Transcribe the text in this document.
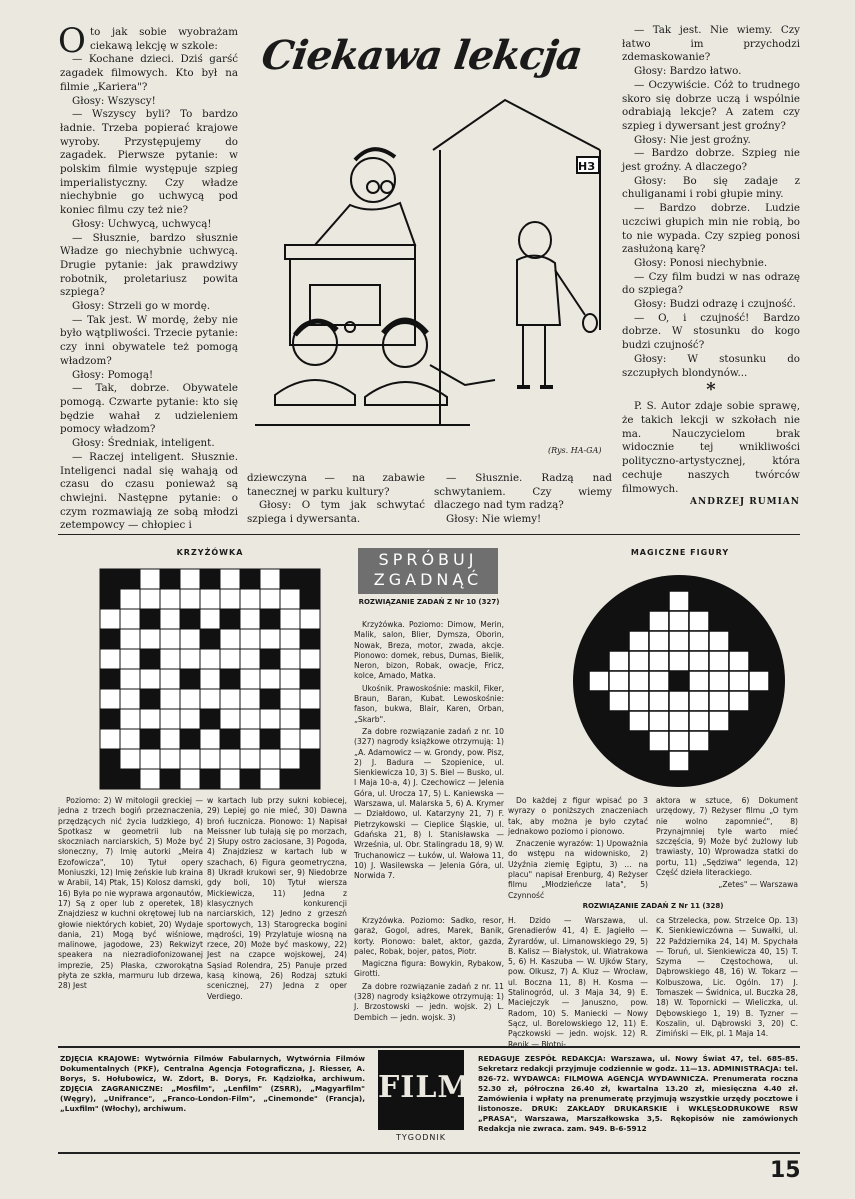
O to jak sobie wyobrażam ciekawą lekcję w szkole:

— Kochane dzieci. Dziś garść zagadek filmowych. Kto był na filmie „Kariera"?

Głosy: Wszyscy!

— Wszyscy byli? To bardzo ładnie. Trzeba popierać krajowe wyroby. Przystępujemy do zagadek. Pierwsze pytanie: w polskim filmie występuje szpieg imperialistyczny. Czy władze niechybnie go uchwycą pod koniec filmu czy też nie?

Głosy: Uchwycą, uchwycą!

— Słusznie, bardzo słusznie Władze go niechybnie uchwycą. Drugie pytanie: jak prawdziwy robotnik, proletariusz powita szpiega?

Głosy: Strzeli go w mordę.

— Tak jest. W mordę, żeby nie było wątpliwości. Trzecie pytanie: czy inni obywatele też pomogą władzom?

Głosy: Pomogą!

— Tak, dobrze. Obywatele pomogą. Czwarte pytanie: kto się będzie wahał z udzieleniem pomocy władzom?

Głosy: Średniak, inteligent.

— Raczej inteligent. Słusznie. Inteligenci nadal się wahają od czasu do czasu ponieważ są chwiejni. Następne pytanie: o czym rozmawiają ze sobą młodzi zetempowcy — chłopiec i

Ciekawa lekcja
НЗ
(Rys. HA-GA)

dziewczyna — na zabawie tanecznej w parku kultury?

Głosy: O tym jak schwytać szpiega i dywersanta.

— Słusznie. Radzą nad schwytaniem. Czy wiemy dlaczego nad tym radzą?

Głosy: Nie wiemy!

— Tak jest. Nie wiemy. Czy łatwo im przychodzi zdemaskowanie?

Głosy: Bardzo łatwo.

— Oczywiście. Cóż to trudnego skoro się dobrze uczą i wspólnie odrabiają lekcje? A zatem czy szpieg i dywersant jest groźny?

Głosy: Nie jest groźny.

— Bardzo dobrze. Szpieg nie jest groźny. A dlaczego?

Głosy: Bo się zadaje z chuliganami i robi głupie miny.

— Bardzo dobrze. Ludzie uczciwi głupich min nie robią, bo to nie wypada. Czy szpieg ponosi zasłużoną karę?

Głosy: Ponosi niechybnie.

— Czy film budzi w nas odrazę do szpiega?

Głosy: Budzi odrazę i czujność.

— O, i czujność! Bardzo dobrze. W stosunku do kogo budzi czujność?

Głosy: W stosunku do szczupłych blondynów...

*

P. S. Autor zdaje sobie sprawę, że takich lekcji w szkołach nie ma. Nauczycielom brak widocznie tej wnikliwości polityczno-artystycznej, która cechuje naszych twórców filmowych.

ANDRZEJ RUMIAN

KRZYŻÓWKA	SPRÓBUJ
ZGADNĄĆ
MAGICZNE FIGURY
ROZWIĄZANIE ZADAŃ Z Nr 10 (327)

Krzyżówka. Poziomo: Dimow, Merin, Malik, salon, Blier, Dymsza, Oborin, Nowak, Breza, motor, zwada, akcje. Pionowo: domek, rebus, Dumas, Bielik, Neron, bizon, Robak, owacje, Fricz, kolce, Amado, Matka.

Ukośnik. Prawoskośnie: maskil, Fiker, Braun, Baran, Kubat. Lewoskośnie: fason, bukwa, Blair, Karen, Orban, „Skarb".

Za dobre rozwiązanie zadań z nr. 10 (327) nagrody książkowe otrzymują: 1) „A. Adamowicz — w. Grondy, pow. Pisz, 2) J. Badura — Szopienice, ul. Sienkiewicza 10, 3) S. Biel — Busko, ul. I Maja 10-a, 4) J. Czechowicz — Jelenia Góra, ul. Urocza 17, 5) L. Kaniewska — Warszawa, ul. Malarska 5, 6) A. Krymer — Działdowo, ul. Katarzyny 21, 7) F. Pietrzykowski — Cieplice Śląskie, ul. Gdańska 21, 8) I. Stanisławska — Września, ul. Obr. Stalingradu 18, 9) W. Truchanowicz — Łuków, ul. Wałowa 11, 10) J. Wasilewska — Jelenia Góra, ul. Norwida 7.

Poziomo: 2) W mitologii greckiej — jedna z trzech bogiń przeznaczenia, przędzących nić życia ludzkiego, 4) Spotkasz w geometrii lub na skoczniach narciarskich, 5) Może być słoneczny, 7) Imię autorki „Meira Ezofowicza", 10) Tytuł opery Moniuszki, 12) Imię żeńskie lub kraina w Arabii, 14) Ptak, 15) Kolosz damski, 16) Była po nie wyprawa argonautów, 17) Są z oper lub z operetek, 18) Znajdziesz w kuchni okrętowej lub na głowie niektórych kobiet, 20) Wydaje dania, 21) Mogą być wiśniowe, malinowe, jagodowe, 23) Rekwizyt speakera na niezradiofonizowanej imprezie, 25) Płaska, czworokątna płyta ze szkła, marmuru lub drzewa, 28) Jest

w kartach lub przy sukni kobiecej, 29) Lepiej go nie mieć, 30) Dawna broń łucznicza. Pionowo: 1) Napisał Meissner lub tułają się po morzach, 2) Słupy ostro zaciosane, 3) Pogoda, 4) Znajdziesz w kartach lub w szachach, 6) Figura geometryczna, 8) Ukradł krukowi ser, 9) Niedobrze gdy boli, 10) Tytuł wiersza Mickiewicza, 11) Jedna z klasycznych konkurencji narciarskich, 12) Jedno z grzeszń sportowych, 13) Starogrecka bogini mądrości, 19) Przylatuje wiosną na rzece, 20) Może być maskowy, 22) Jest na czapce wojskowej, 24) Sąsiad Rolendra, 25) Panuje przed kasą kinową, 26) Rodzaj sztuki scenicznej, 27) Jedna z oper Verdiego.

Do każdej z figur wpisać po 3 wyrazy o poniższych znaczeniach tak, aby można je było czytać jednakowo poziomo i pionowo.

Znaczenie wyrazów: 1) Upoważnia do wstępu na widownisko, 2) Użyźnia ziemię Egiptu, 3) … na placu" napisał Erenburg, 4) Reżyser filmu „Młodzieńcze lata", 5) Czynność

aktora w sztuce, 6) Dokument urzędowy, 7) Reżyser filmu „O tym nie wolno zapomnieć", 8) Przynajmniej tyle warto mieć szczęścia, 9) Może być żużlowy lub trawiasty, 10) Wprowadza statki do portu, 11) „Sędziwa" legenda, 12) Część dzieła literackiego.

„Zetes" — Warszawa

ROZWIĄZANIE ZADAŃ Z Nr 11 (328)

Krzyżówka. Poziomo: Sadko, resor, garaż, Gogol, adres, Marek, Banik, korty. Pionowo: balet, aktor, gazda, palec, Robak, bojer, patos, Piotr.

Magiczna figura: Bowykin, Rybakow, Girotti.

Za dobre rozwiązanie zadań z nr. 11 (328) nagrody książkowe otrzymują: 1) J. Brzostowski — jedn. wojsk. 2) L. Dembich — jedn. wojsk. 3)

H. Dzido — Warszawa, ul. Grenadierów 41, 4) E. Jagiełło — Żyrardów, ul. Limanowskiego 29, 5) B. Kalisz — Białystok, ul. Wiatrakowa 5, 6) H. Kaszuba — W. Ujków Stary, pow. Olkusz, 7) A. Kluz — Wrocław, ul. Boczna 11, 8) H. Kosma — Stalinogród, ul. 3 Maja 34, 9) E. Maciejczyk — Januszno, pow. Radom, 10) S. Maniecki — Nowy Sącz, ul. Borelowskiego 12, 11) E. Pączkowski — jedn. wojsk. 12) R. Renik — Błotni-

ca Strzelecka, pow. Strzelce Op. 13) K. Sienkiewiczówna — Suwałki, ul. 22 Października 24, 14) M. Spychała — Toruń, ul. Sienkiewicza 40, 15) T. Szyma — Częstochowa, ul. Dąbrowskiego 48, 16) W. Tokarz — Kolbuszowa, Lic. Ogóln. 17) J. Tomaszek — Świdnica, ul. Buczka 28, 18) W. Topornicki — Wieliczka, ul. Dębowskiego 1, 19) B. Tyzner — Koszalin, ul. Dąbrowski 3, 20) C. Zimiński — Ełk, pl. 1 Maja 14.

ZDJĘCIA KRAJOWE: Wytwórnia Filmów Fabularnych, Wytwórnia Filmów Dokumentalnych (PKF), Centralna Agencja Fotograficzna, J. Riesser, A. Borys, S. Hołubowicz, W. Zdort, B. Dorys, Fr. Kądziołka, archiwum. ZDJĘCIA ZAGRANICZNE: „Mosfilm", „Lenfilm" (ZSRR), „Magyarfilm" (Węgry), „Unifrance", „Franco-London-Film", „Cinemonde" (Francja), „Luxfilm" (Włochy), archiwum.

FILM
TYGODNIK

REDAGUJE ZESPÓŁ REDAKCJA: Warszawa, ul. Nowy Świat 47, tel. 685-85. Sekretarz redakcji przyjmuje codziennie w godz. 11—13. ADMINISTRACJA: tel. 826-72. WYDAWCA: FILMOWA AGENCJA WYDAWNICZA. Prenumerata roczna 52.30 zł, półroczna 26.40 zł, kwartalna 13.20 zł, miesięczna 4.40 zł. Zamówienia i wpłaty na prenumeratę przyjmują wszystkie urzędy pocztowe i listonosze. DRUK: ZAKŁADY DRUKARSKIE i WKLĘSŁODRUKOWE RSW „PRASA", Warszawa, Marszałkowska 3,5. Rękopisów nie zamówionych Redakcja nie zwraca. zam. 949. B-6-5912

15
